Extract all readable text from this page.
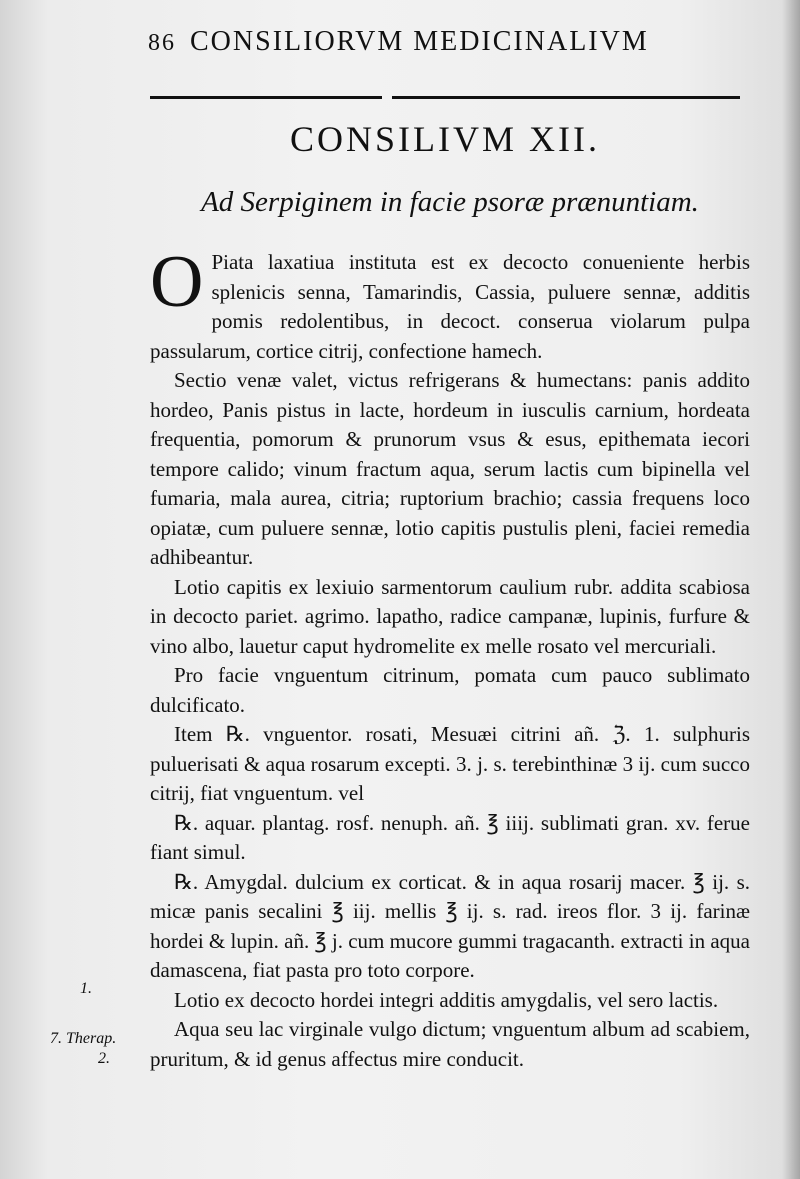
86 CONSILIORVM MEDICINALIVM
CONSILIVM XII.
Ad Serpiginem in facie psoræ prænuntiam.

O Piata laxatiua instituta est ex decocto conueniente herbis splenicis senna, Tamarindis, Cassia, puluere sennæ, additis pomis redolentibus, in decoct. conserua violarum pulpa passularum, cortice citrij, confectione hamech.

Sectio venæ valet, victus refrigerans & humectans: panis addito hordeo, Panis pistus in lacte, hordeum in iusculis carnium, hordeata frequentia, pomorum & prunorum vsus & esus, epithemata iecori tempore calido; vinum fractum aqua, serum lactis cum bipinella vel fumaria, mala aurea, citria; ruptorium brachio; cassia frequens loco opiatæ, cum puluere sennæ, lotio capitis pustulis pleni, faciei remedia adhibeantur.

Lotio capitis ex lexiuio sarmentorum caulium rubr. addita scabiosa in decocto pariet. agrimo. lapatho, radice campanæ, lupinis, furfure & vino albo, lauetur caput hydromelite ex melle rosato vel mercuriali.

Pro facie vnguentum citrinum, pomata cum pauco sublimato dulcificato.

Item ℞. vnguentor. rosati, Mesuæi citrini añ. ℨ. 1. sulphuris puluerisati & aqua rosarum excepti. 3. j. s. terebinthinæ 3 ij. cum succo citrij, fiat vnguentum. vel

℞. aquar. plantag. rosf. nenuph. añ. ℥ iiij. sublimati gran. xv. ferue fiant simul.

℞. Amygdal. dulcium ex corticat. & in aqua rosarij macer. ℥ ij. s. micæ panis secalini ℥ iij. mellis ℥ ij. s. rad. ireos flor. 3 ij. farinæ hordei & lupin. añ. ℥ j. cum mucore gummi tragacanth. extracti in aqua damascena, fiat pasta pro toto corpore.

Lotio ex decocto hordei integri additis amygdalis, vel sero lactis.

Aqua seu lac virginale vulgo dictum; vnguentum album ad scabiem, pruritum, & id genus affectus mire conducit.

1.
7. Therap.
2.
